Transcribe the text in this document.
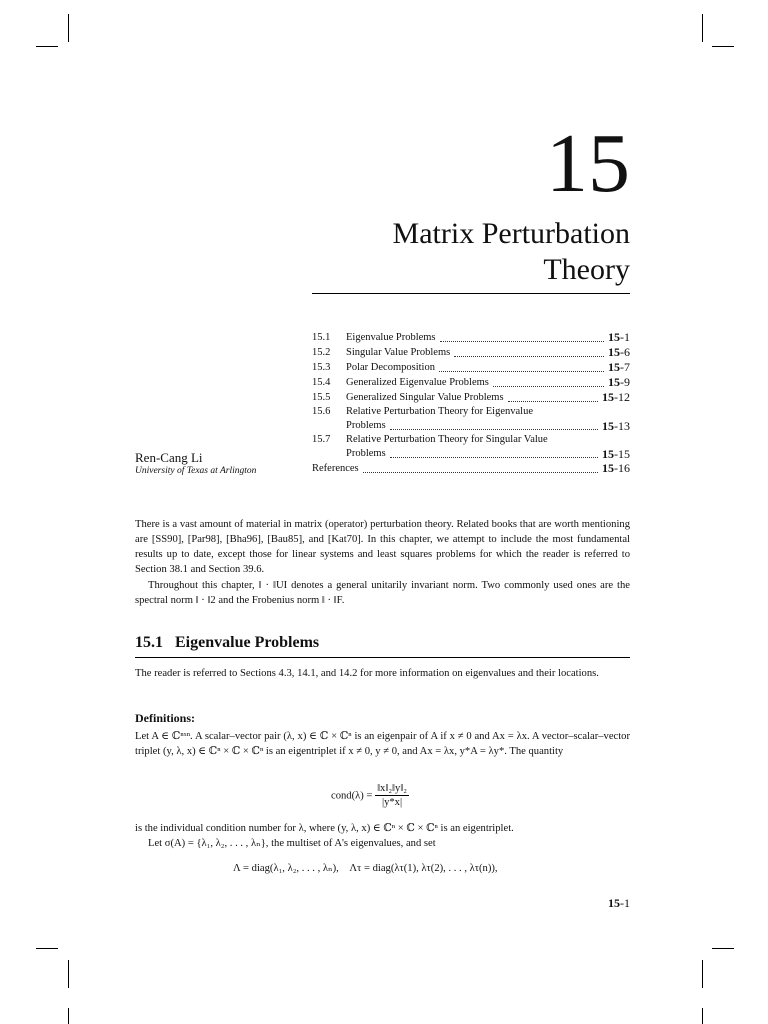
15
Matrix Perturbation
Theory
15.1	Eigenvalue Problems	15-1
15.2	Singular Value Problems	15-6
15.3	Polar Decomposition	15-7
15.4	Generalized Eigenvalue Problems	15-9
15.5	Generalized Singular Value Problems	15-12
15.6	Relative Perturbation Theory for Eigenvalue
Problems	15-13
15.7	Relative Perturbation Theory for Singular Value
Problems	15-15
References	15-16
Ren-Cang Li
University of Texas at Arlington
There is a vast amount of material in matrix (operator) perturbation theory. Related books that are worth mentioning are [SS90], [Par98], [Bha96], [Bau85], and [Kat70]. In this chapter, we attempt to include the most fundamental results up to date, except those for linear systems and least squares problems for which the reader is referred to Section 38.1 and Section 39.6.
Throughout this chapter, ‖ · ‖UI denotes a general unitarily invariant norm. Two commonly used ones are the spectral norm ‖ · ‖2 and the Frobenius norm ‖ · ‖F.
15.1 Eigenvalue Problems
The reader is referred to Sections 4.3, 14.1, and 14.2 for more information on eigenvalues and their locations.
Definitions:
Let A ∈ ℂⁿˣⁿ. A scalar–vector pair (λ, x) ∈ ℂ × ℂⁿ is an eigenpair of A if x ≠ 0 and Ax = λx. A vector–scalar–vector triplet (y, λ, x) ∈ ℂⁿ × ℂ × ℂⁿ is an eigentriplet if x ≠ 0, y ≠ 0, and Ax = λx, y*A = λy*. The quantity
cond(λ) = $\frac{\text{‖x‖₂‖y‖₂}}{|y*x|}$
is the individual condition number for λ, where (y, λ, x) ∈ ℂⁿ × ℂ × ℂⁿ is an eigentriplet.
Let σ(A) = {λ₁, λ₂, . . . , λₙ}, the multiset of A's eigenvalues, and set
Λ = diag(λ₁, λ₂, . . . , λₙ),    Λτ = diag(λτ(1), λτ(2), . . . , λτ(n)),
15-1
